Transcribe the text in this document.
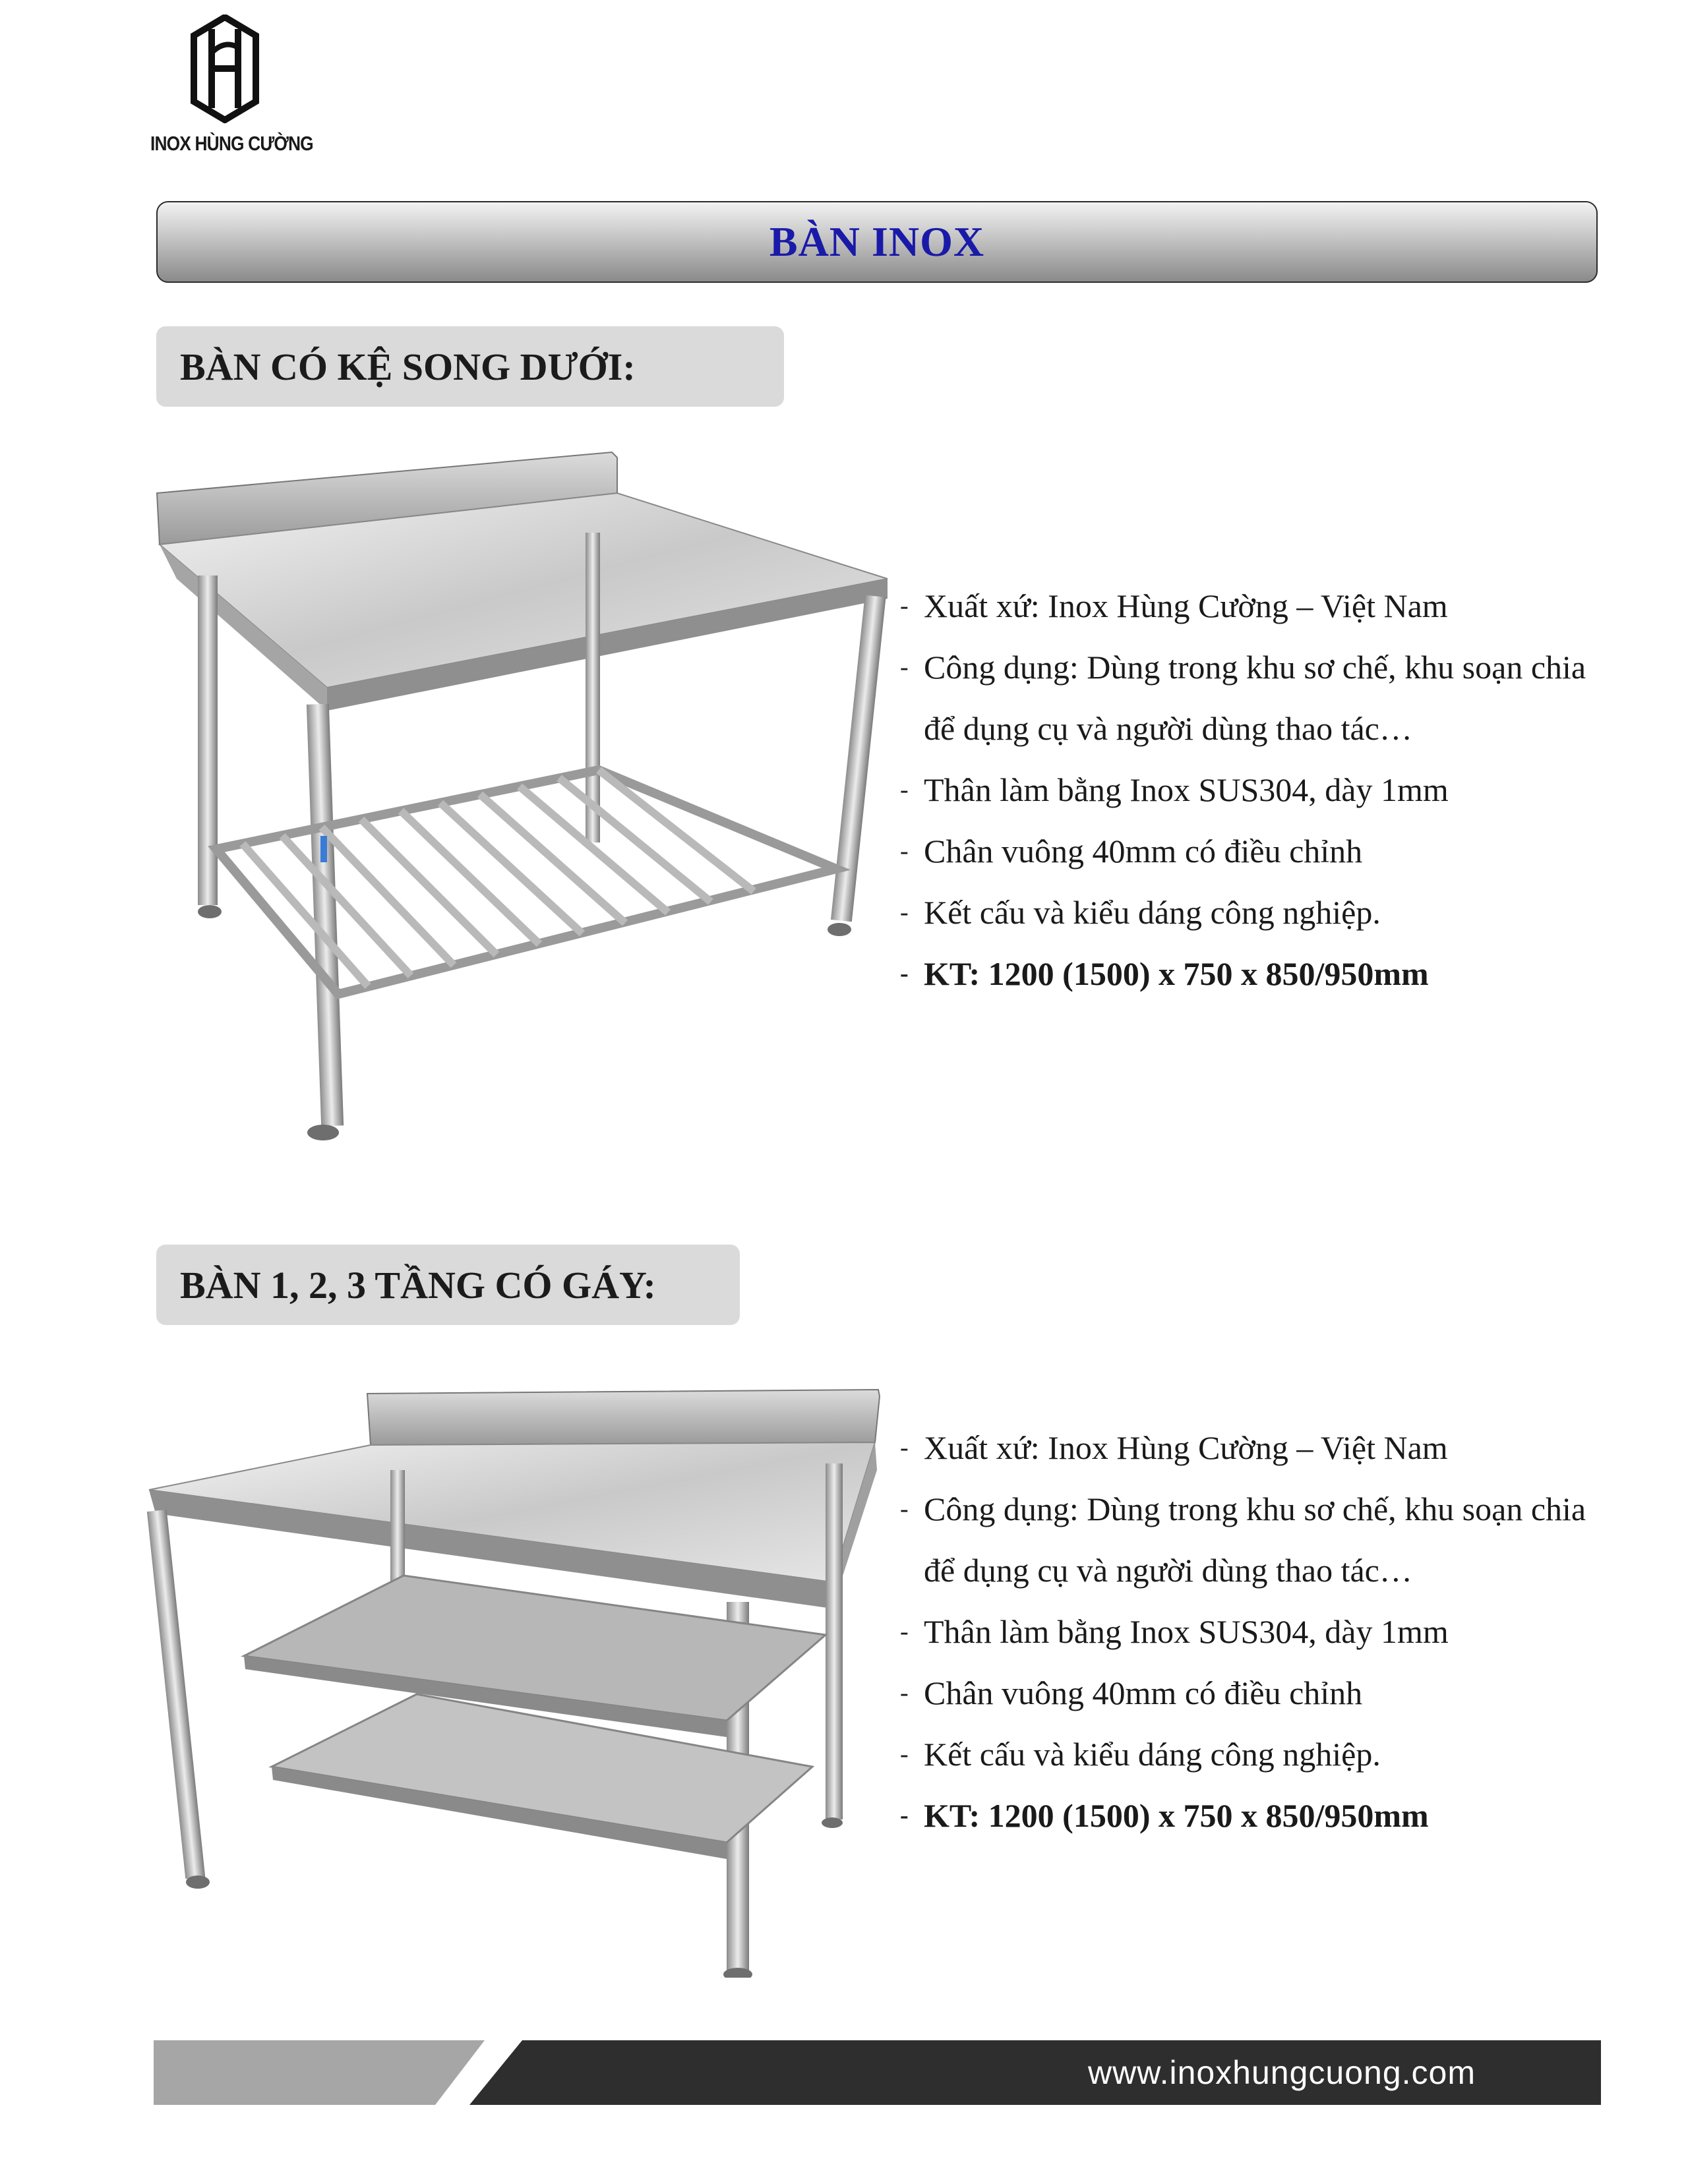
INOX HÙNG CƯỜNG
BÀN INOX
BÀN CÓ KỆ SONG DƯỚI:
- Xuất xứ: Inox Hùng Cường – Việt Nam
- Công dụng: Dùng trong khu sơ chế, khu soạn chia
để dụng cụ và người dùng thao tác…
- Thân làm bằng Inox SUS304, dày 1mm
- Chân vuông 40mm có điều chỉnh
- Kết cấu và kiểu dáng công nghiệp.
- KT: 1200 (1500) x 750 x 850/950mm
BÀN 1, 2, 3 TẦNG CÓ GÁY:
- Xuất xứ: Inox Hùng Cường – Việt Nam
- Công dụng: Dùng trong khu sơ chế, khu soạn chia
để dụng cụ và người dùng thao tác…
- Thân làm bằng Inox SUS304, dày 1mm
- Chân vuông 40mm có điều chỉnh
- Kết cấu và kiểu dáng công nghiệp.
- KT: 1200 (1500) x 750 x 850/950mm
www.inoxhungcuong.com
